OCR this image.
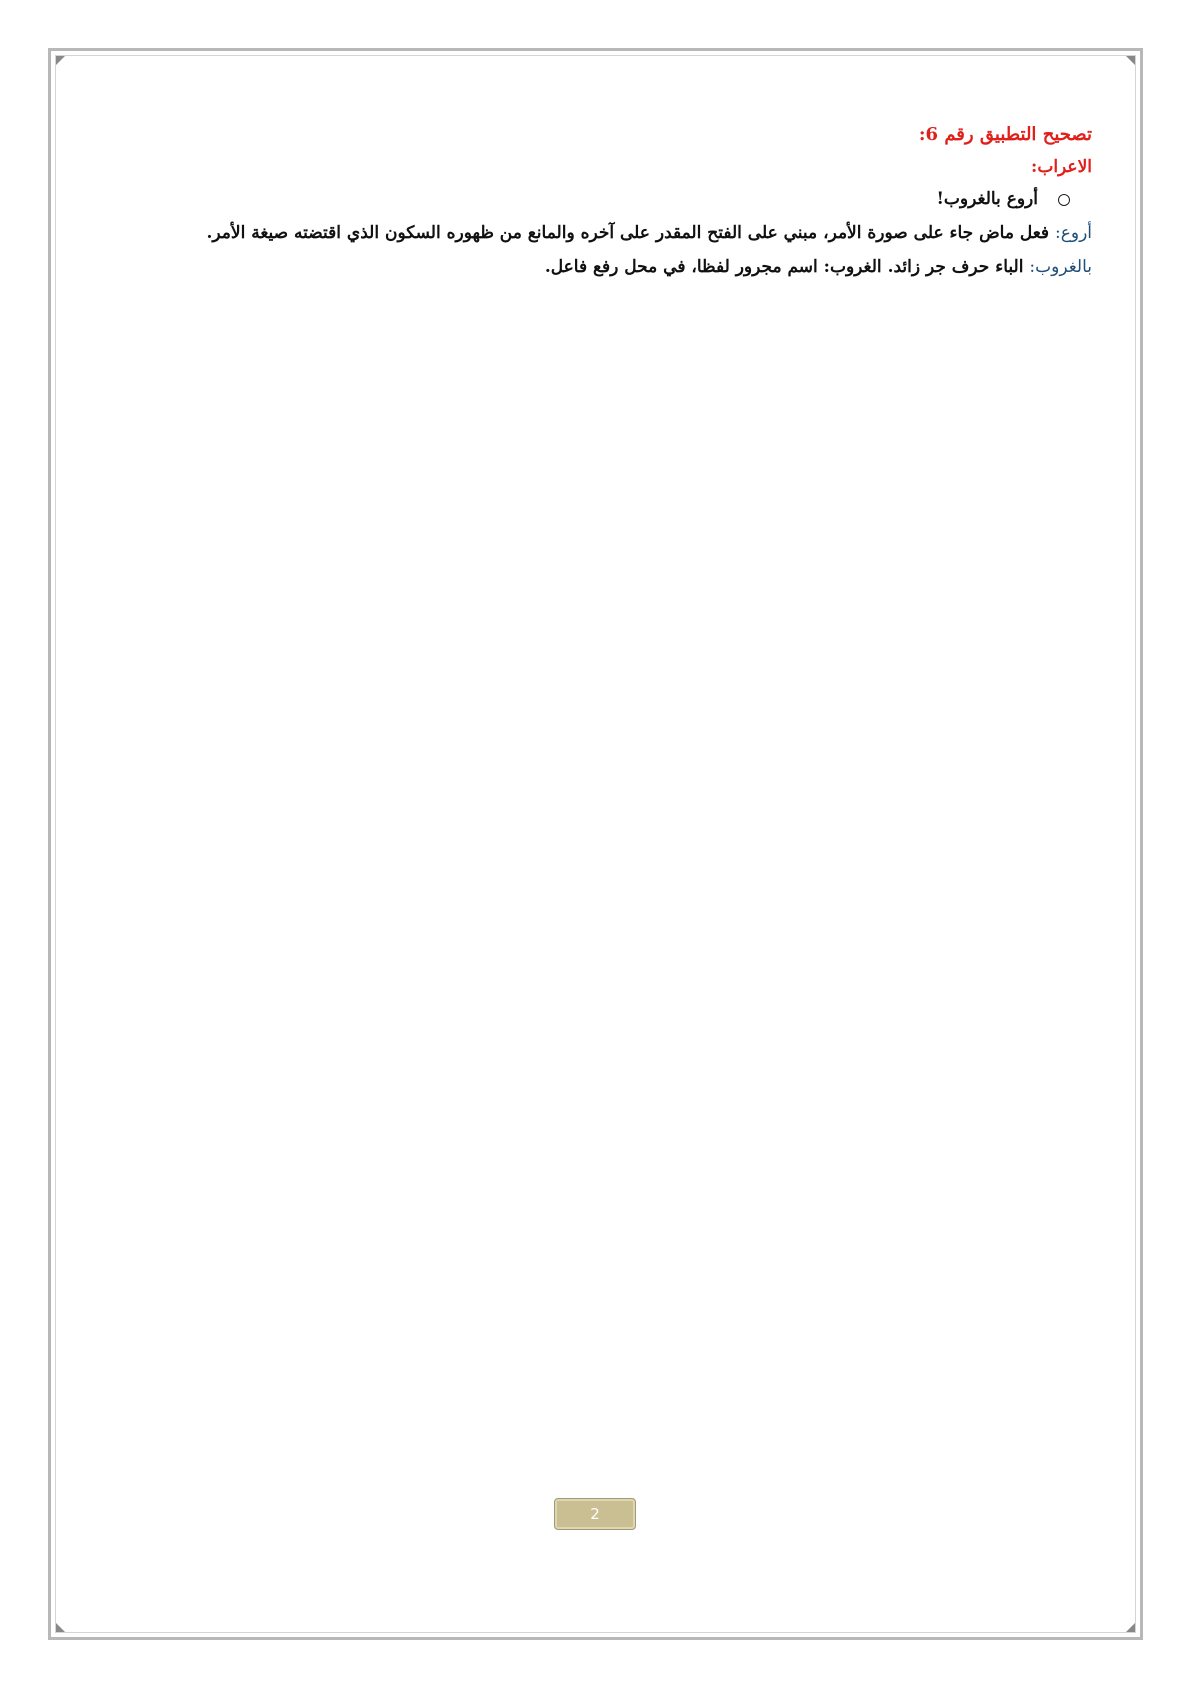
تصحيح التطبيق رقم 6:

الاعراب:

أروع بالغروب!

أروع: فعل ماض جاء على صورة الأمر، مبني على الفتح المقدر على آخره والمانع من ظهوره السكون الذي اقتضته صيغة الأمر.

بالغروب: الباء حرف جر زائد. الغروب: اسم مجرور لفظا، في محل رفع فاعل.

2
